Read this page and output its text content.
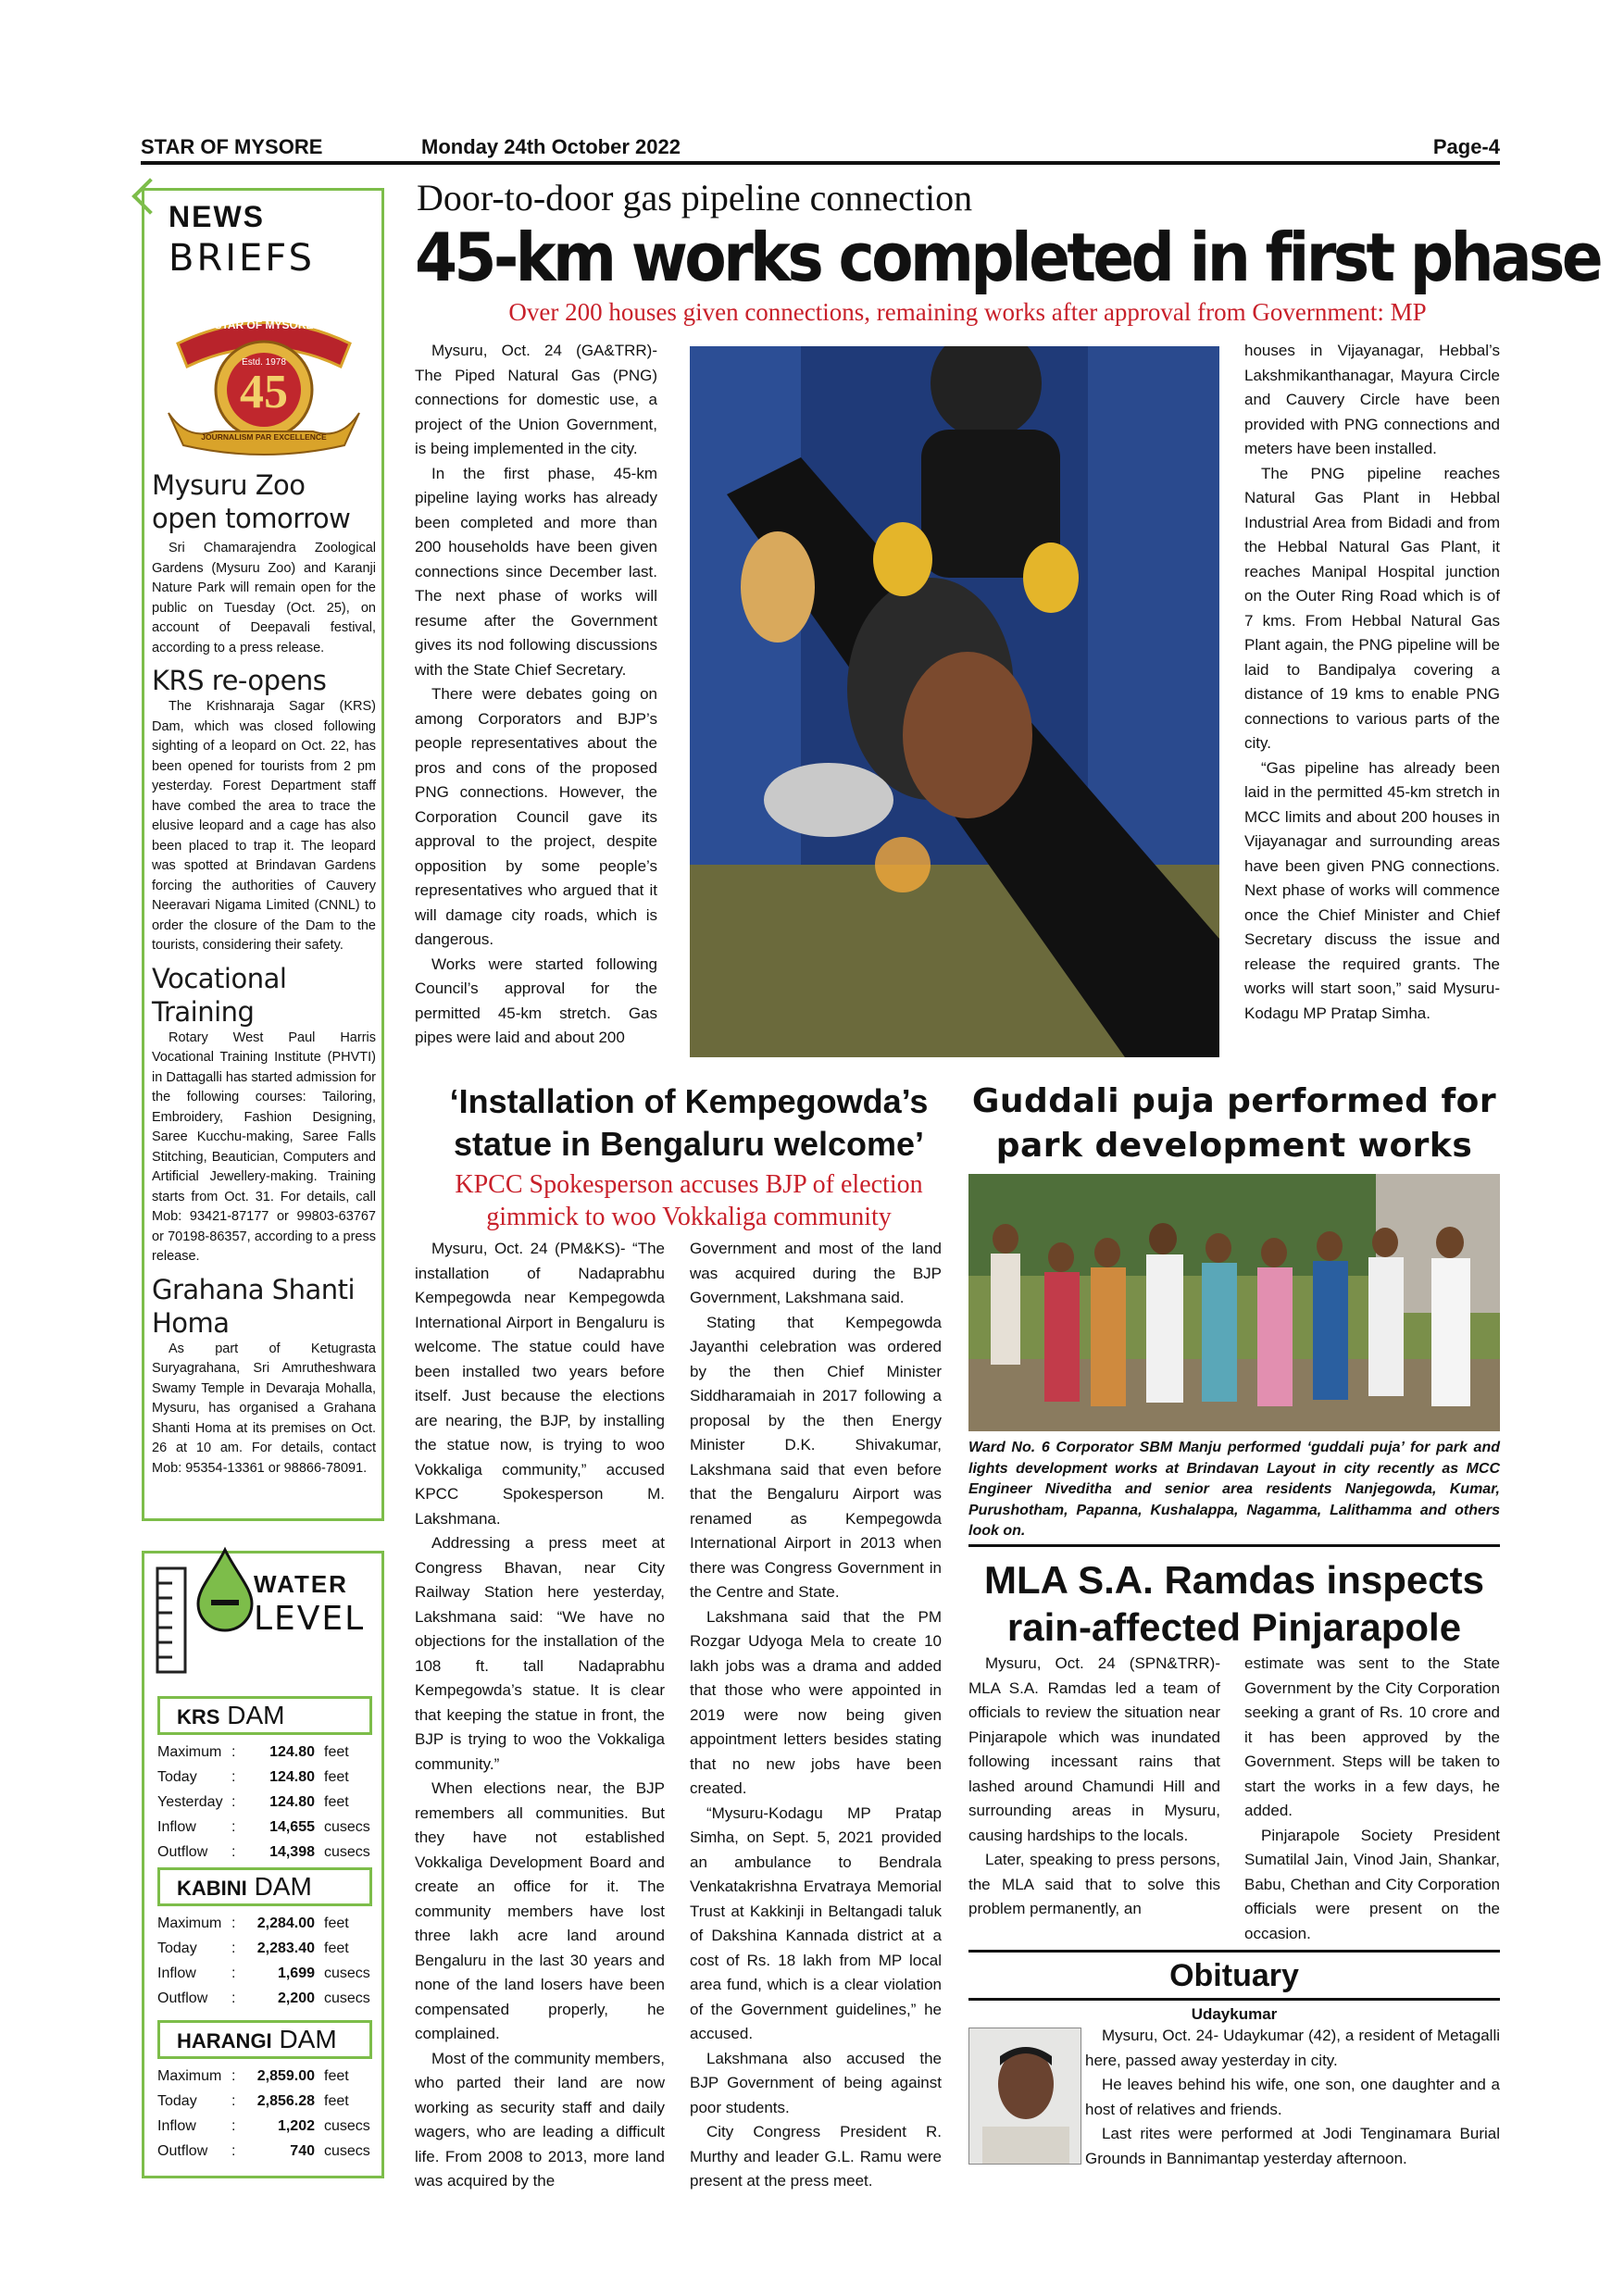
STAR OF MYSORE	Monday 24th October 2022	Page-4
NEWS
BRIEFS
STAR OF MYSORE
Estd. 1978
45
JOURNALISM PAR EXCELLENCE
Mysuru Zoo open tomorrow

Sri Chamarajendra Zoological Gardens (Mysuru Zoo) and Karanji Nature Park will remain open for the public on Tuesday (Oct. 25), on account of Deepavali festival, according to a press release.

KRS re-opens

The Krishnaraja Sagar (KRS) Dam, which was closed following sighting of a leopard on Oct. 22, has been opened for tourists from 2 pm yesterday. Forest Department staff have combed the area to trace the elusive leopard and a cage has also been placed to trap it. The leopard was spotted at Brindavan Gardens forcing the authorities of Cauvery Neeravari Nigama Limited (CNNL) to order the closure of the Dam to the tourists, considering their safety.

Vocational Training

Rotary West Paul Harris Vocational Training Institute (PHVTI) in Dattagalli has started admission for the following courses: Tailoring, Embroidery, Fashion Designing, Saree Kucchu-making, Saree Falls Stitching, Beautician, Computers and Artificial Jewellery-making. Training starts from Oct. 31. For details, call Mob: 93421-87177 or 99803-63767 or 70198-86357, according to a press release.

Grahana Shanti Homa

As part of Ketugrasta Suryagrahana, Sri Amrutheshwara Swamy Temple in Devaraja Mohalla, Mysuru, has organised a Grahana Shanti Homa at its premises on Oct. 26 at 10 am. For details, contact Mob: 95354-13361 or 98866-78091.

WATER
LEVEL
KRS DAM
Maximum :	124.80 feet
Today :	124.80 feet
Yesterday :	124.80 feet
Inflow :	14,655 cusecs
Outflow :	14,398 cusecs
KABINI DAM
Maximum :	2,284.00 feet
Today :	2,283.40 feet
Inflow :	1,699 cusecs
Outflow :	2,200 cusecs
HARANGI DAM
Maximum :	2,859.00 feet
Today :	2,856.28 feet
Inflow :	1,202 cusecs
Outflow :	740 cusecs
Door-to-door gas pipeline connection
45-km works completed in first phase
Over 200 houses given connections, remaining works after approval from Government: MP

Mysuru, Oct. 24 (GA&TRR)- The Piped Natural Gas (PNG) connections for domestic use, a project of the Union Government, is being implemented in the city.

In the first phase, 45-km pipeline laying works has already been completed and more than 200 households have been given connections since December last. The next phase of works will resume after the Government gives its nod following discussions with the State Chief Secretary.

There were debates going on among Corporators and BJP’s people representatives about the pros and cons of the proposed PNG connections. However, the Corporation Council gave its approval to the project, despite opposition by some people’s representatives who argued that it will damage city roads, which is dangerous.

Works were started following Council’s approval for the permitted 45-km stretch. Gas pipes were laid and about 200

houses in Vijayanagar, Hebbal’s Lakshmikanthanagar, Mayura Circle and Cauvery Circle have been provided with PNG connections and meters have been installed.

The PNG pipeline reaches Natural Gas Plant in Hebbal Industrial Area from Bidadi and from the Hebbal Natural Gas Plant, it reaches Manipal Hospital junction on the Outer Ring Road which is of 7 kms. From Hebbal Natural Gas Plant again, the PNG pipeline will be laid to Bandipalya covering a distance of 19 kms to enable PNG connections to various parts of the city.

“Gas pipeline has already been laid in the permitted 45-km stretch in MCC limits and about 200 houses in Vijayanagar and surrounding areas have been given PNG connections. Next phase of works will commence once the Chief Minister and Chief Secretary discuss the issue and release the required grants. The works will start soon,” said Mysuru-Kodagu MP Pratap Simha.

‘Installation of Kempegowda’s
statue in Bengaluru welcome’
KPCC Spokesperson accuses BJP of election
gimmick to woo Vokkaliga community

Mysuru, Oct. 24 (PM&KS)- “The installation of Nadaprabhu Kempegowda near Kempegowda International Airport in Bengaluru is welcome. The statue could have been installed two years before itself. Just because the elections are nearing, the BJP, by installing the statue now, is trying to woo Vokkaliga community,” accused KPCC Spokesperson M. Lakshmana.

Addressing a press meet at Congress Bhavan, near City Railway Station here yesterday, Lakshmana said: “We have no objections for the installation of the 108 ft. tall Nadaprabhu Kempegowda’s statue. It is clear that keeping the statue in front, the BJP is trying to woo the Vokkaliga community.”

When elections near, the BJP remembers all communities. But they have not established Vokkaliga Development Board and create an office for it. The community members have lost three lakh acre land around Bengaluru in the last 30 years and none of the land losers have been compensated properly, he complained.

Most of the community members, who parted their land are now working as security staff and daily wagers, who are leading a difficult life. From 2008 to 2013, more land was acquired by the

Government and most of the land was acquired during the BJP Government, Lakshmana said.

Stating that Kempegowda Jayanthi celebration was ordered by the then Chief Minister Siddharamaiah in 2017 following a proposal by the then Energy Minister D.K. Shivakumar, Lakshmana said that even before that the Bengaluru Airport was renamed as Kempegowda International Airport in 2013 when there was Congress Government in the Centre and State.

Lakshmana said that the PM Rozgar Udyoga Mela to create 10 lakh jobs was a drama and added that those who were appointed in 2019 were now being given appointment letters besides stating that no new jobs have been created.

“Mysuru-Kodagu MP Pratap Simha, on Sept. 5, 2021 provided an ambulance to Bendrala Venkatakrishna Ervatraya Memorial Trust at Kakkinji in Beltangadi taluk of Dakshina Kannada district at a cost of Rs. 18 lakh from MP local area fund, which is a clear violation of the Government guidelines,” he accused.

Lakshmana also accused the BJP Government of being against poor students.

City Congress President R. Murthy and leader G.L. Ramu were present at the press meet.

Guddali puja performed for
park development works
Ward No. 6 Corporator SBM Manju performed ‘guddali puja’ for park and lights development works at Brindavan Layout in city recently as MCC Engineer Niveditha and senior area residents Nanjegowda, Kumar, Purushotham, Papanna, Kushalappa, Nagamma, Lalithamma and others look on.
MLA S.A. Ramdas inspects
rain-affected Pinjarapole

Mysuru, Oct. 24 (SPN&TRR)- MLA S.A. Ramdas led a team of officials to review the situation near Pinjarapole which was inundated following incessant rains that lashed around Chamundi Hill and surrounding areas in Mysuru, causing hardships to the locals.

Later, speaking to press persons, the MLA said that to solve this problem permanently, an

estimate was sent to the State Government by the City Corporation seeking a grant of Rs. 10 crore and it has been approved by the Government. Steps will be taken to start the works in a few days, he added.

Pinjarapole Society President Sumatilal Jain, Vinod Jain, Shankar, Babu, Chethan and City Corporation officials were present on the occasion.

Obituary
Udaykumar

Mysuru, Oct. 24- Udaykumar (42), a resident of Metagalli here, passed away yesterday in city.

He leaves behind his wife, one son, one daughter and a host of relatives and friends.

Last rites were performed at Jodi Tenginamara Burial Grounds in Bannimantap yesterday afternoon.
